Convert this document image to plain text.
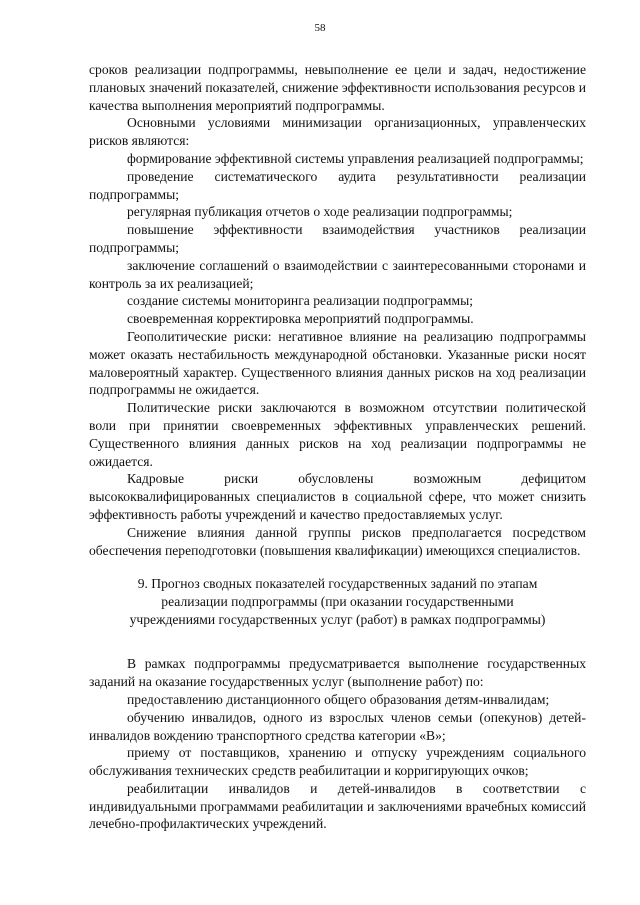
58

сроков реализации подпрограммы, невыполнение ее цели и задач, недостижение плановых значений показателей, снижение эффективности использования ресурсов и качества выполнения мероприятий подпрограммы.

Основными условиями минимизации организационных, управленческих рисков являются:

формирование эффективной системы управления реализацией подпрограммы;

проведение систематического аудита результативности реализации подпрограммы;

регулярная публикация отчетов о ходе реализации подпрограммы;

повышение эффективности взаимодействия участников реализации подпрограммы;

заключение соглашений о взаимодействии с заинтересованными сторонами и контроль за их реализацией;

создание системы мониторинга реализации подпрограммы;

своевременная корректировка мероприятий подпрограммы.

Геополитические риски: негативное влияние на реализацию подпрограммы может оказать нестабильность международной обстановки. Указанные риски носят маловероятный характер. Существенного влияния данных рисков на ход реализации подпрограммы не ожидается.

Политические риски заключаются в возможном отсутствии политической воли при принятии своевременных эффективных управленческих решений. Существенного влияния данных рисков на ход реализации подпрограммы не ожидается.

Кадровые риски обусловлены возможным дефицитом высококвалифицированных специалистов в социальной сфере, что может снизить эффективность работы учреждений и качество предоставляемых услуг.

Снижение влияния данной группы рисков предполагается посредством обеспечения переподготовки (повышения квалификации) имеющихся специалистов.

9. Прогноз сводных показателей государственных заданий по этапам
реализации подпрограммы (при оказании государственными
учреждениями государственных услуг (работ) в рамках подпрограммы)

В рамках подпрограммы предусматривается выполнение государственных заданий на оказание государственных услуг (выполнение работ) по:

предоставлению дистанционного общего образования детям-инвалидам;

обучению инвалидов, одного из взрослых членов семьи (опекунов) детей-инвалидов вождению транспортного средства категории «В»;

приему от поставщиков, хранению и отпуску учреждениям социального обслуживания технических средств реабилитации и корригирующих очков;

реабилитации инвалидов и детей-инвалидов в соответствии с индивидуальными программами реабилитации и заключениями врачебных комиссий лечебно-профилактических учреждений.
